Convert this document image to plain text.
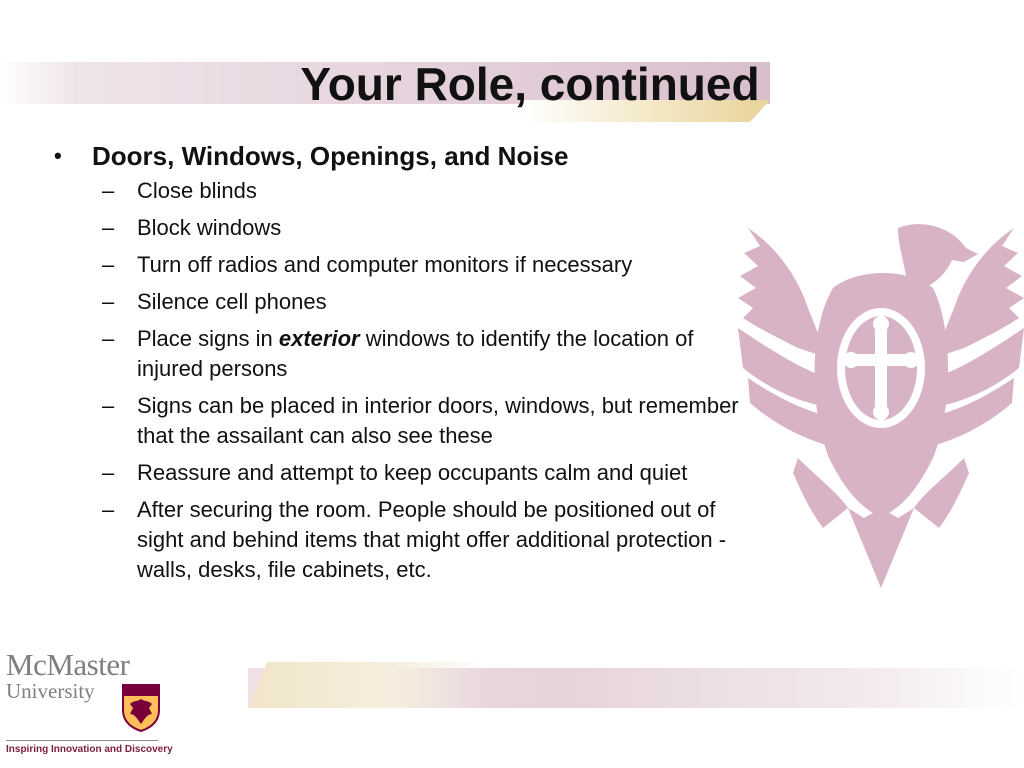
Your Role, continued
• Doors, Windows, Openings, and Noise
– Close blinds
– Block windows
– Turn off radios and computer monitors if necessary
– Silence cell phones
– Place signs in exterior windows to identify the location of injured persons
– Signs can be placed in interior doors, windows, but remember  that the assailant can also see these
– Reassure and attempt to keep occupants calm and quiet
– After securing the room. People should be positioned out of sight and behind items that might offer additional protection - walls, desks, file cabinets, etc.
McMaster
University
Inspiring Innovation and Discovery
